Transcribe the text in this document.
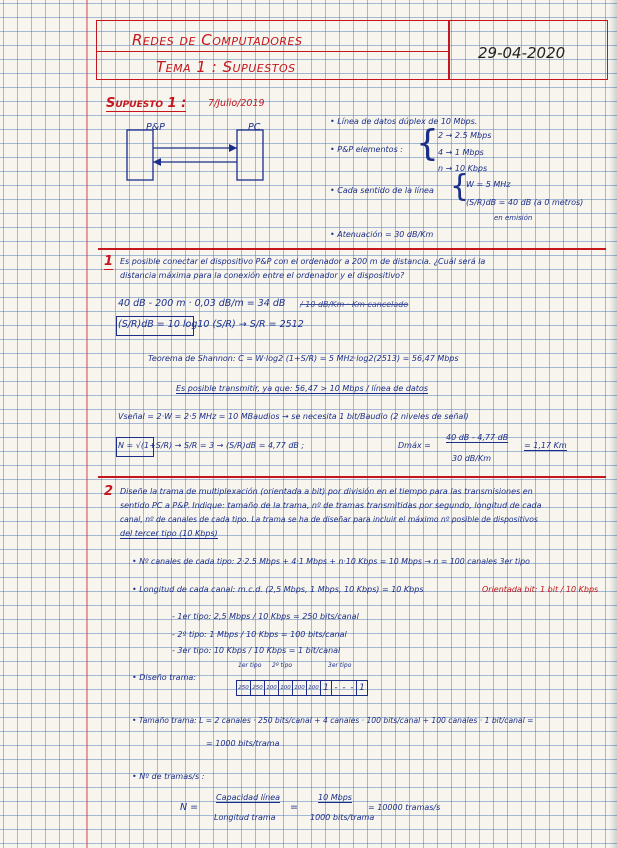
Redes de Computadores
Tema 1 : Supuestos
29-04-2020
Supuesto 1 : 7/Julio/2019
P&P	PC
• Línea de datos dúplex de 10 Mbps.
• P&P elementos : { 2 → 2.5 Mbps
4 → 1 Mbps
n → 10 Kbps
• Cada sentido de la línea {
W = 5 MHz
(S/R)dB = 40 dB (a 0 metros)
en emisión
• Atenuación = 30 dB/Km
1 Es posible conectar el dispositivo P&P con el ordenador a 200 m de distancia. ¿Cuál será la
distancia máxima para la conexión entre el ordenador y el dispositivo?
40 dB - 200 m · 0,03 dB/m = 34 dB / 10 dB/Km · Km cancelado
(S/R)dB = 10 log10 (S/R) → S/R = 2512
Teorema de Shannon: C = W·log2 (1+S/R) = 5 MHz·log2(2513) = 56,47 Mbps
Es posible transmitir, ya que: 56,47 > 10 Mbps / línea de datos
Vseñal = 2·W = 2·5 MHz = 10 MBaudios → se necesita 1 bit/Baudio (2 niveles de señal)
N = √(1+S/R) → S/R = 3 → (S/R)dB = 4,77 dB ;	Dmáx =
40 dB - 4,77 dB
30 dB/Km
= 1,17 Km
2 Diseñe la trama de multiplexación (orientada a bit) por división en el tiempo para las transmisiones en
sentido PC a P&P. Indique: tamaño de la trama, nº de tramas transmitidas por segundo, longitud de cada
canal, nº de canales de cada tipo. La trama se ha de diseñar para incluir el máximo nº posible de dispositivos
del tercer tipo (10 Kbps)
• Nº canales de cada tipo: 2·2.5 Mbps + 4·1 Mbps + n·10 Kbps = 10 Mbps → n = 100 canales 3er tipo
• Longitud de cada canal: m.c.d. (2,5 Mbps, 1 Mbps, 10 Kbps) = 10 Kbps	Orientada bit: 1 bit / 10 Kbps
- 1er tipo: 2,5 Mbps / 10 Kbps = 250 bits/canal
- 2º tipo: 1 Mbps / 10 Kbps = 100 bits/canal
- 3er tipo: 10 Kbps / 10 Kbps = 1 bit/canal
• Diseño trama:
1er tipo 2º tipo	3er tipo
250 250 100 100 100 100 1 - - - 1
• Tamaño trama: L = 2 canales · 250 bits/canal + 4 canales · 100 bits/canal + 100 canales · 1 bit/canal =
= 1000 bits/trama
• Nº de tramas/s :
N =
Capacidad línea
Longitud trama
=
10 Mbps
1000 bits/trama
= 10000 tramas/s
